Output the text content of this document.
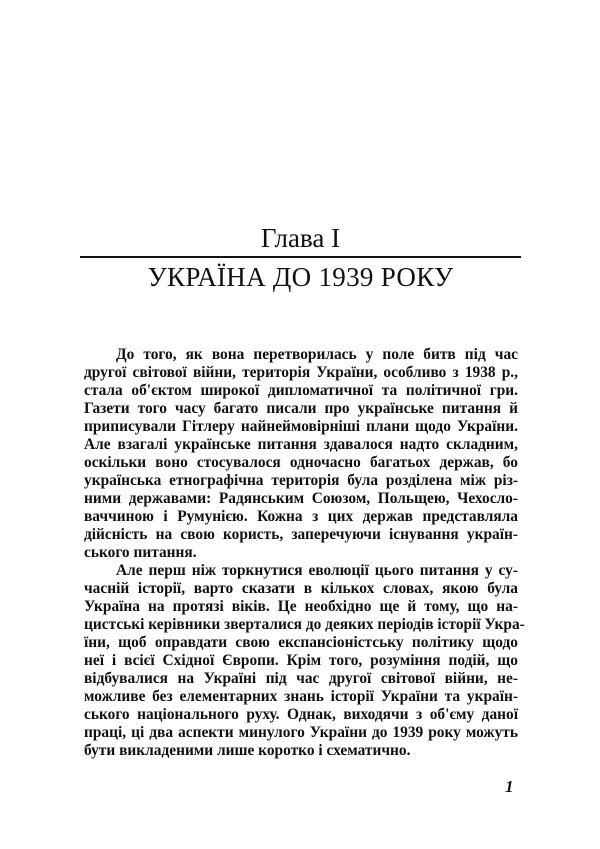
Глава I
УКРАЇНА ДО 1939 РОКУ
До того, як вона перетворилась у поле битв під час
другої світової війни, територія України, особливо з 1938 р.,
стала об'єктом широкої дипломатичної та політичної гри.
Газети того часу багато писали про українське питання й
приписували Гітлеру найнеймовірніші плани щодо України.
Але взагалі українське питання здавалося надто складним,
оскільки воно стосувалося одночасно багатьох держав, бо
українська етнографічна територія була розділена між різ-
ними державами: Радянським Союзом, Польщею, Чехосло-
ваччиною і Румунією. Кожна з цих держав представляла
дійсність на свою користь, заперечуючи існування україн-
ського питання.
Але перш ніж торкнутися еволюції цього питання у су-
часній історії, варто сказати в кількох словах, якою була
Україна на протязі віків. Це необхідно ще й тому, що на-
цистські керівники зверталися до деяких періодів історії Укра-
їни, щоб оправдати свою експансіоністську політику щодо
неї і всієї Східної Європи. Крім того, розуміння подій, що
відбувалися на Україні під час другої світової війни, не-
можливе без елементарних знань історії України та україн-
ського національного руху. Однак, виходячи з об'єму даної
праці, ці два аспекти минулого України до 1939 року можуть
бути викладеними лише коротко і схематично.
1
